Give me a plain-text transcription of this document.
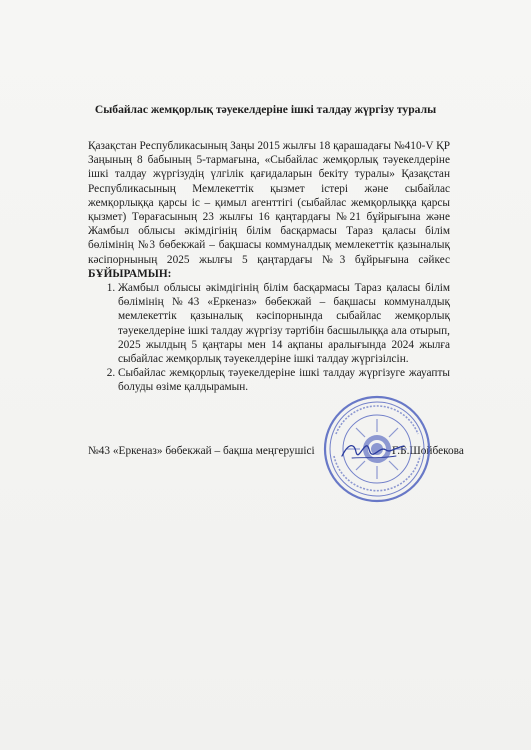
Сыбайлас жемқорлық тәуекелдеріне ішкі талдау жүргізу туралы

Қазақстан Республикасының Заңы 2015 жылғы 18 қарашадағы №410-V ҚР Заңының 8 бабының 5-тармағына, «Сыбайлас жемқорлық тәуекелдеріне ішкі талдау жүргізудің үлгілік қағидаларын бекіту туралы» Қазақстан Республикасының Мемлекеттік қызмет істері және сыбайлас жемқорлыққа қарсы іс – қимыл агенттігі (сыбайлас жемқорлыққа қарсы қызмет) Төрағасының 23 жылғы 16 қаңтардағы №21 бұйрығына және Жамбыл облысы әкімдігінің білім басқармасы Тараз қаласы білім бөлімінің №3 бөбекжай – бақшасы коммуналдық мемлекеттік қазыналық кәсіпорнының 2025 жылғы 5 қаңтардағы №3 бұйрығына сәйкес БҰЙЫРАМЫН:

1. Жамбыл облысы әкімдігінің білім басқармасы Тараз қаласы білім бөлімінің №43 «Еркеназ» бөбекжай – бақшасы коммуналдық мемлекеттік қазыналық кәсіпорнында сыбайлас жемқорлық тәуекелдеріне ішкі талдау жүргізу тәртібін басшылыққа ала отырып, 2025 жылдың 5 қаңтары мен 14 ақпаны аралығында 2024 жылға сыбайлас жемқорлық тәуекелдеріне ішкі талдау жүргізілсін.
2. Сыбайлас жемқорлық тәуекелдеріне ішкі талдау жүргізуге жауапты болуды өзіме қалдырамын.
№43 «Еркеназ» бөбекжай – бақша меңгерушісі	Г.Б.Шойбекова
